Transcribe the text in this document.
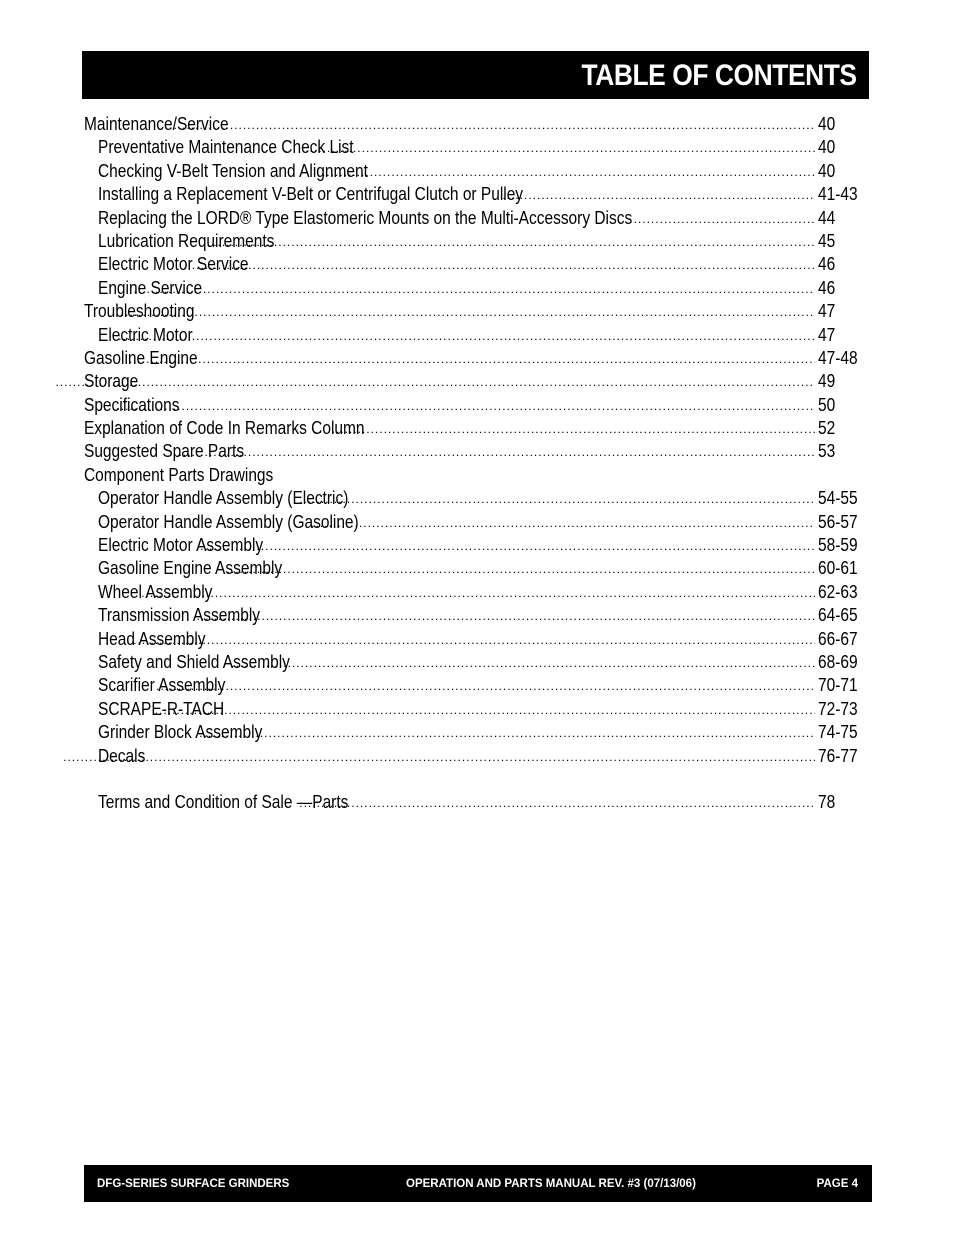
TABLE OF CONTENTS
Maintenance/Service .....	40
Preventative Maintenance Check List .....	40
Checking V-Belt Tension and Alignment .....	40
Installing a Replacement V-Belt or Centrifugal Clutch or Pulley .....	41-43
Replacing the LORD® Type Elastomeric Mounts on the Multi-Accessory Discs .....	44
Lubrication Requirements .....	45
Electric Motor Service .....	46
Engine Service .....	46
Troubleshooting .....	47
Electric Motor .....	47
Gasoline Engine .....	47-48
Storage .....	49
Specifications .....	50
Explanation of Code In Remarks Column .....	52
Suggested Spare Parts .....	53
Component Parts Drawings
Operator Handle Assembly (Electric) .....	54-55
Operator Handle Assembly (Gasoline) .....	56-57
Electric Motor Assembly .....	58-59
Gasoline Engine Assembly .....	60-61
Wheel Assembly .....	62-63
Transmission Assembly .....	64-65
Head Assembly .....	66-67
Safety and Shield Assembly .....	68-69
Scarifier Assembly .....	70-71
SCRAPE-R-TACH .....	72-73
Grinder Block Assembly .....	74-75
Decals .....	76-77
Terms and Condition of Sale —Parts .....	78
DFG-SERIES SURFACE GRINDERS	OPERATION AND PARTS MANUAL REV. #3 (07/13/06)	PAGE 4
